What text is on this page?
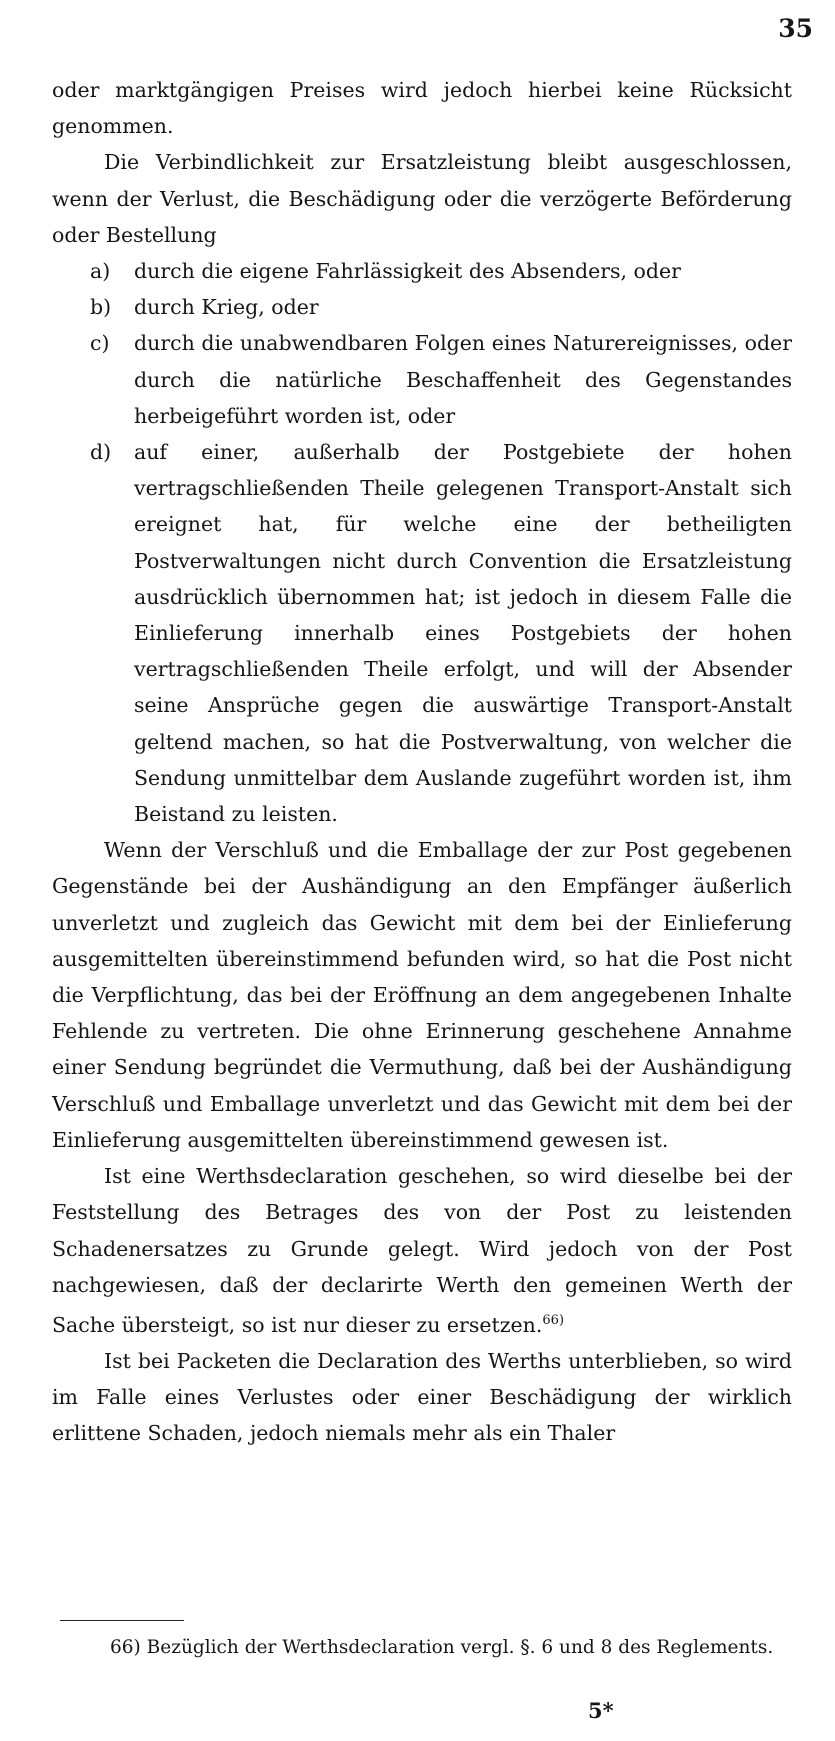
35

oder marktgängigen Preises wird jedoch hierbei keine Rücksicht genommen.

Die Verbindlichkeit zur Ersatzleistung bleibt ausgeschlossen, wenn der Verlust, die Beschädigung oder die verzögerte Beförderung oder Bestellung

a)	durch die eigene Fahrlässigkeit des Absenders, oder
b)	durch Krieg, oder
c)	durch die unabwendbaren Folgen eines Naturereignisses, oder durch die natürliche Beschaffenheit des Gegenstandes herbeigeführt worden ist, oder
d)	auf einer, außerhalb der Postgebiete der hohen vertragschließenden Theile gelegenen Transport-Anstalt sich ereignet hat, für welche eine der betheiligten Postverwaltungen nicht durch Convention die Ersatzleistung ausdrücklich übernommen hat; ist jedoch in diesem Falle die Einlieferung innerhalb eines Postgebiets der hohen vertragschließenden Theile erfolgt, und will der Absender seine Ansprüche gegen die auswärtige Transport-Anstalt geltend machen, so hat die Postverwaltung, von welcher die Sendung unmittelbar dem Auslande zugeführt worden ist, ihm Beistand zu leisten.

Wenn der Verschluß und die Emballage der zur Post gegebenen Gegenstände bei der Aushändigung an den Empfänger äußerlich unverletzt und zugleich das Gewicht mit dem bei der Einlieferung ausgemittelten übereinstimmend befunden wird, so hat die Post nicht die Verpflichtung, das bei der Eröffnung an dem angegebenen Inhalte Fehlende zu vertreten. Die ohne Erinnerung geschehene Annahme einer Sendung begründet die Vermuthung, daß bei der Aushändigung Verschluß und Emballage unverletzt und das Gewicht mit dem bei der Einlieferung ausgemittelten übereinstimmend gewesen ist.

Ist eine Werthsdeclaration geschehen, so wird dieselbe bei der Feststellung des Betrages des von der Post zu leistenden Schadenersatzes zu Grunde gelegt. Wird jedoch von der Post nachgewiesen, daß der declarirte Werth den gemeinen Werth der Sache übersteigt, so ist nur dieser zu ersetzen.$^{66)}$

Ist bei Packeten die Declaration des Werths unterblieben, so wird im Falle eines Verlustes oder einer Beschädigung der wirklich erlittene Schaden, jedoch niemals mehr als ein Thaler

66) Bezüglich der Werthsdeclaration vergl. §. 6 und 8 des Reglements.
5*
